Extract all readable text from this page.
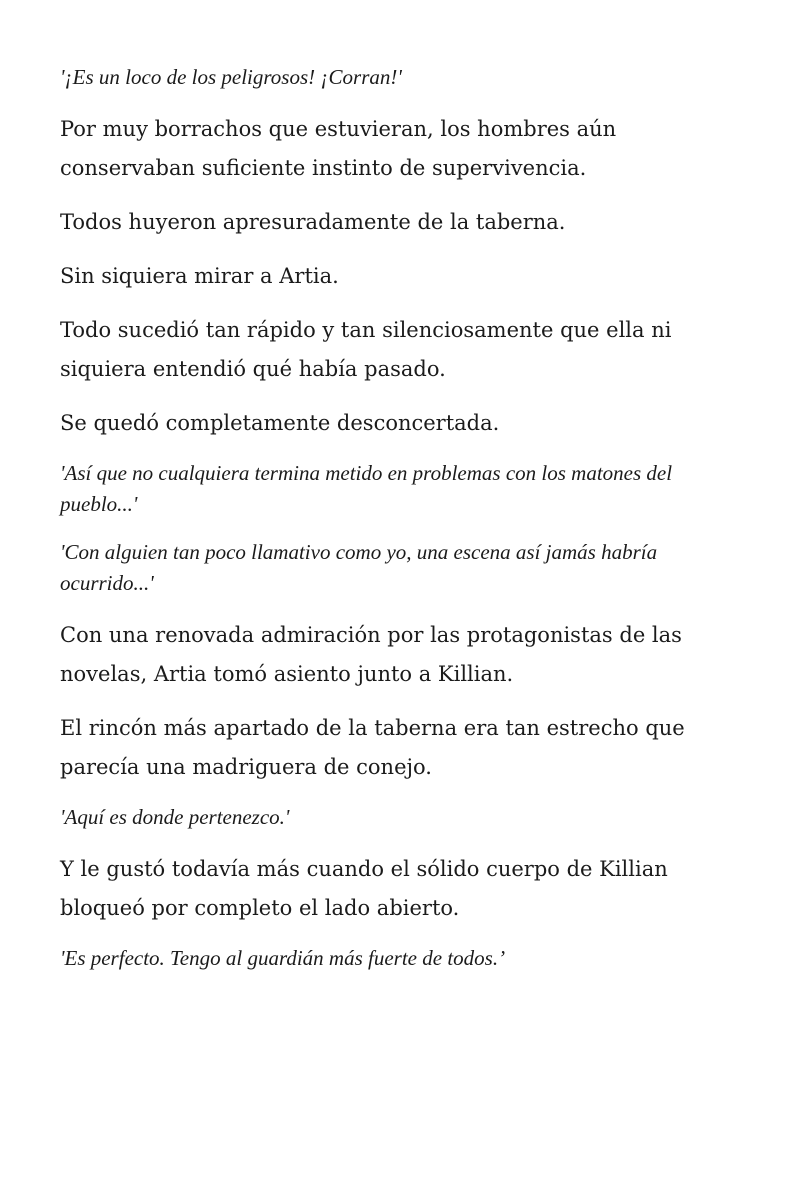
'¡Es un loco de los peligrosos! ¡Corran!'

Por muy borrachos que estuvieran, los hombres aún conservaban suficiente instinto de supervivencia.

Todos huyeron apresuradamente de la taberna.

Sin siquiera mirar a Artia.

Todo sucedió tan rápido y tan silenciosamente que ella ni siquiera entendió qué había pasado.

Se quedó completamente desconcertada.

'Así que no cualquiera termina metido en problemas con los matones del pueblo...'

'Con alguien tan poco llamativo como yo, una escena así jamás habría ocurrido...'

Con una renovada admiración por las protagonistas de las novelas, Artia tomó asiento junto a Killian.

El rincón más apartado de la taberna era tan estrecho que parecía una madriguera de conejo.

'Aquí es donde pertenezco.'

Y le gustó todavía más cuando el sólido cuerpo de Killian bloqueó por completo el lado abierto.

'Es perfecto. Tengo al guardián más fuerte de todos.’
